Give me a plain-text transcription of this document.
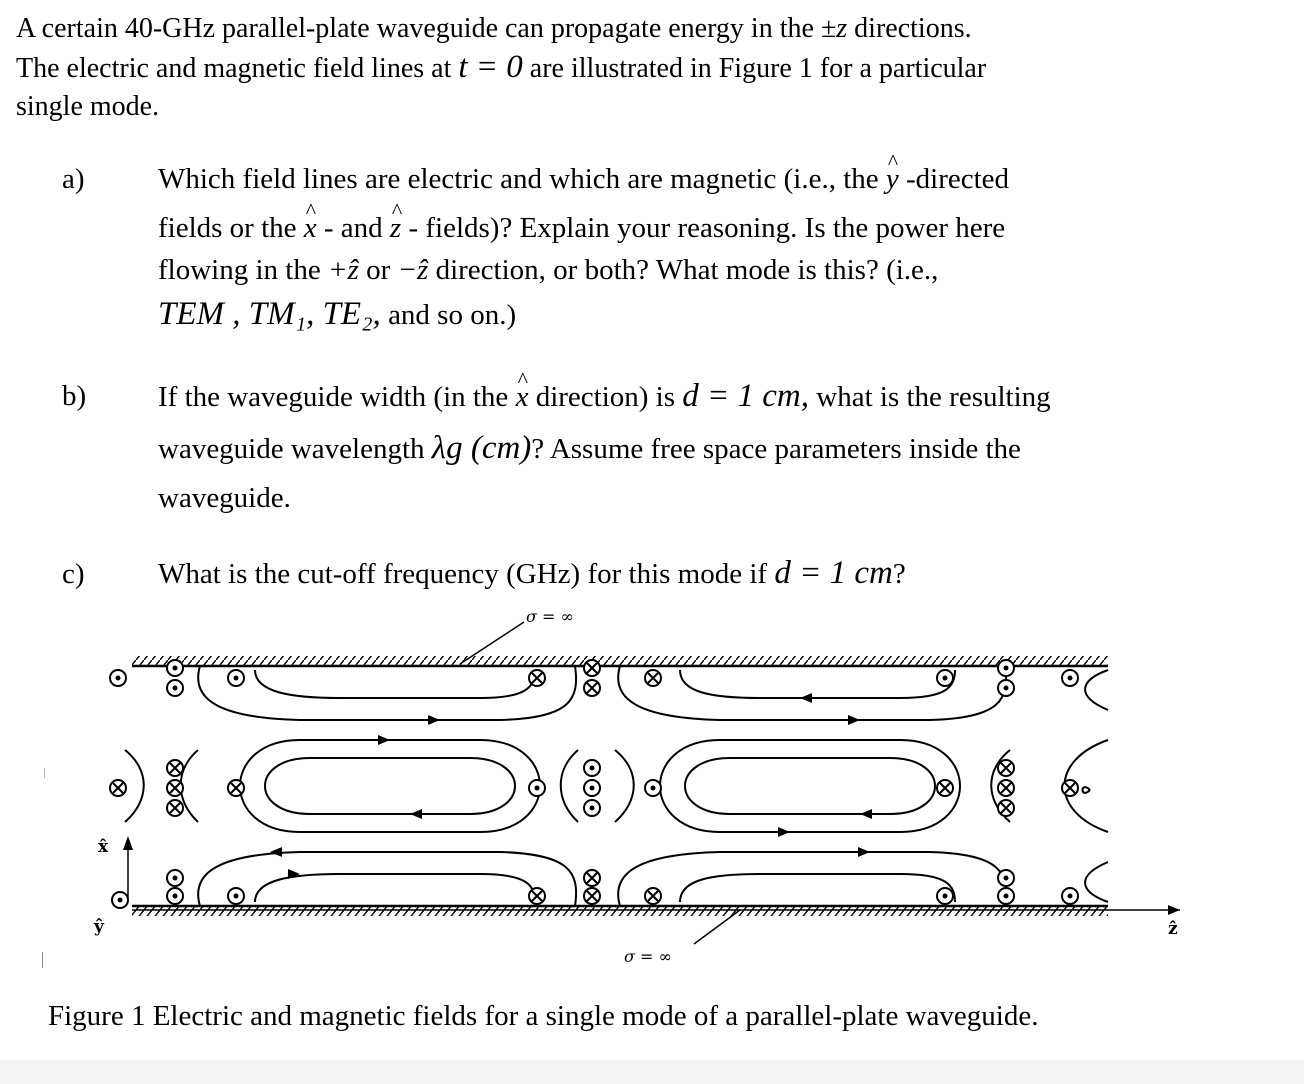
A certain 40-GHz parallel-plate waveguide can propagate energy in the ±z directions.
The electric and magnetic field lines at t = 0 are illustrated in Figure 1 for a particular
single mode.
a)	Which field lines are electric and which are magnetic (i.e., the ^ y -directed
fields or the ^ x - and ^ z - fields)? Explain your reasoning. Is the power here
flowing in the +ẑ or −ẑ direction, or both? What mode is this? (i.e.,
TEM , TM₁, TE₂, and so on.)
b) If the waveguide width (in the ^ x direction) is d = 1 cm, what is the resulting
waveguide wavelength λg (cm)? Assume free space parameters inside the
waveguide.
c)	What is the cut-off frequency (GHz) for this mode if d = 1 cm?
σ = ∞
σ = ∞
x̂
ŷ	ẑ
Figure 1 Electric and magnetic fields for a single mode of a parallel-plate waveguide.
